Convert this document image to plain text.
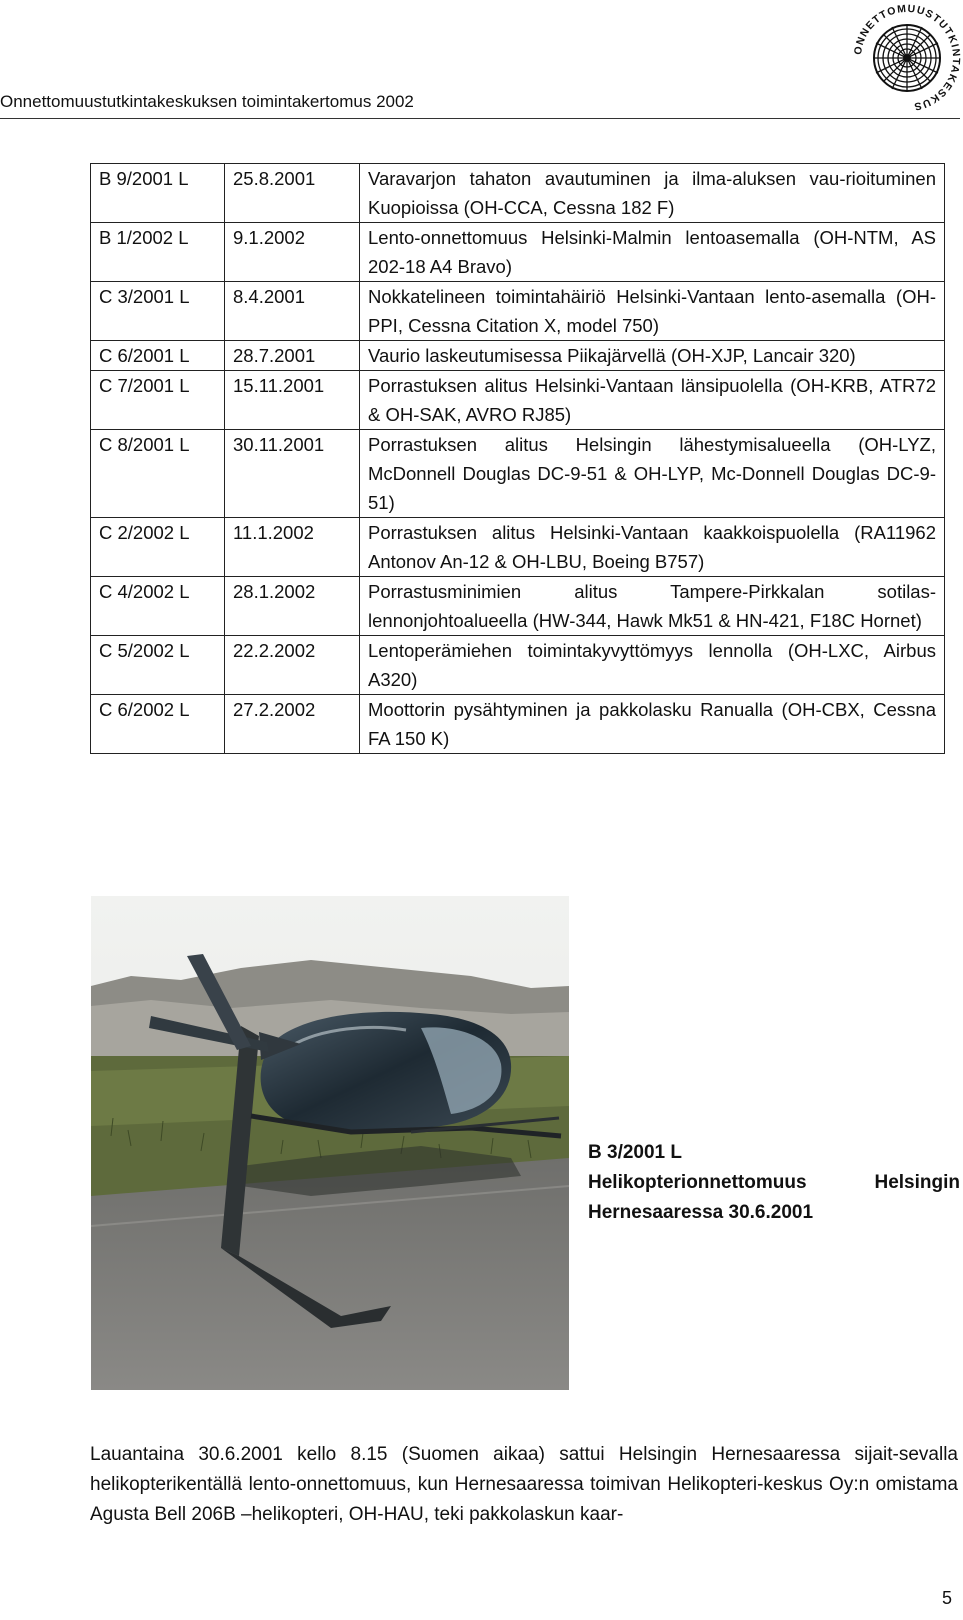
Onnettomuustutkintakeskuksen toimintakertomus 2002
ONNETTOMUUSTUTKINTAKESKUS
B 9/2001 L	25.8.2001	Varavarjon tahaton avautuminen ja ilma-aluksen vau-rioituminen Kuopioissa (OH-CCA, Cessna 182 F)
B 1/2002 L	9.1.2002	Lento-onnettomuus Helsinki-Malmin lentoasemalla (OH-NTM, AS 202-18 A4 Bravo)
C 3/2001 L	8.4.2001	Nokkatelineen toimintahäiriö Helsinki-Vantaan lento-asemalla (OH-PPI, Cessna Citation X, model 750)
C 6/2001 L	28.7.2001	Vaurio laskeutumisessa Piikajärvellä (OH-XJP, Lancair 320)
C 7/2001 L	15.11.2001	Porrastuksen alitus Helsinki-Vantaan länsipuolella (OH-KRB, ATR72 & OH-SAK, AVRO RJ85)
C 8/2001 L	30.11.2001	Porrastuksen alitus Helsingin lähestymisalueella (OH-LYZ, McDonnell Douglas DC-9-51 & OH-LYP, Mc-Donnell Douglas DC-9-51)
C 2/2002 L	11.1.2002	Porrastuksen alitus Helsinki-Vantaan kaakkoispuolella (RA11962 Antonov An-12 & OH-LBU, Boeing B757)
C 4/2002 L	28.1.2002	Porrastusminimien alitus Tampere-Pirkkalan sotilas-lennonjohtoalueella (HW-344, Hawk Mk51 & HN-421, F18C Hornet)
C 5/2002 L	22.2.2002	Lentoperämiehen toimintakyvyttömyys lennolla (OH-LXC, Airbus A320)
C 6/2002 L	27.2.2002	Moottorin pysähtyminen ja pakkolasku Ranualla (OH-CBX, Cessna FA 150 K)
B 3/2001 L
Helikopterionnettomuus Helsingin
Hernesaaressa 30.6.2001
Lauantaina 30.6.2001 kello 8.15 (Suomen aikaa) sattui Helsingin Hernesaaressa sijait-sevalla helikopterikentällä lento-onnettomuus, kun Hernesaaressa toimivan Helikopteri-keskus Oy:n omistama Agusta Bell 206B –helikopteri, OH-HAU, teki pakkolaskun kaar-
5
